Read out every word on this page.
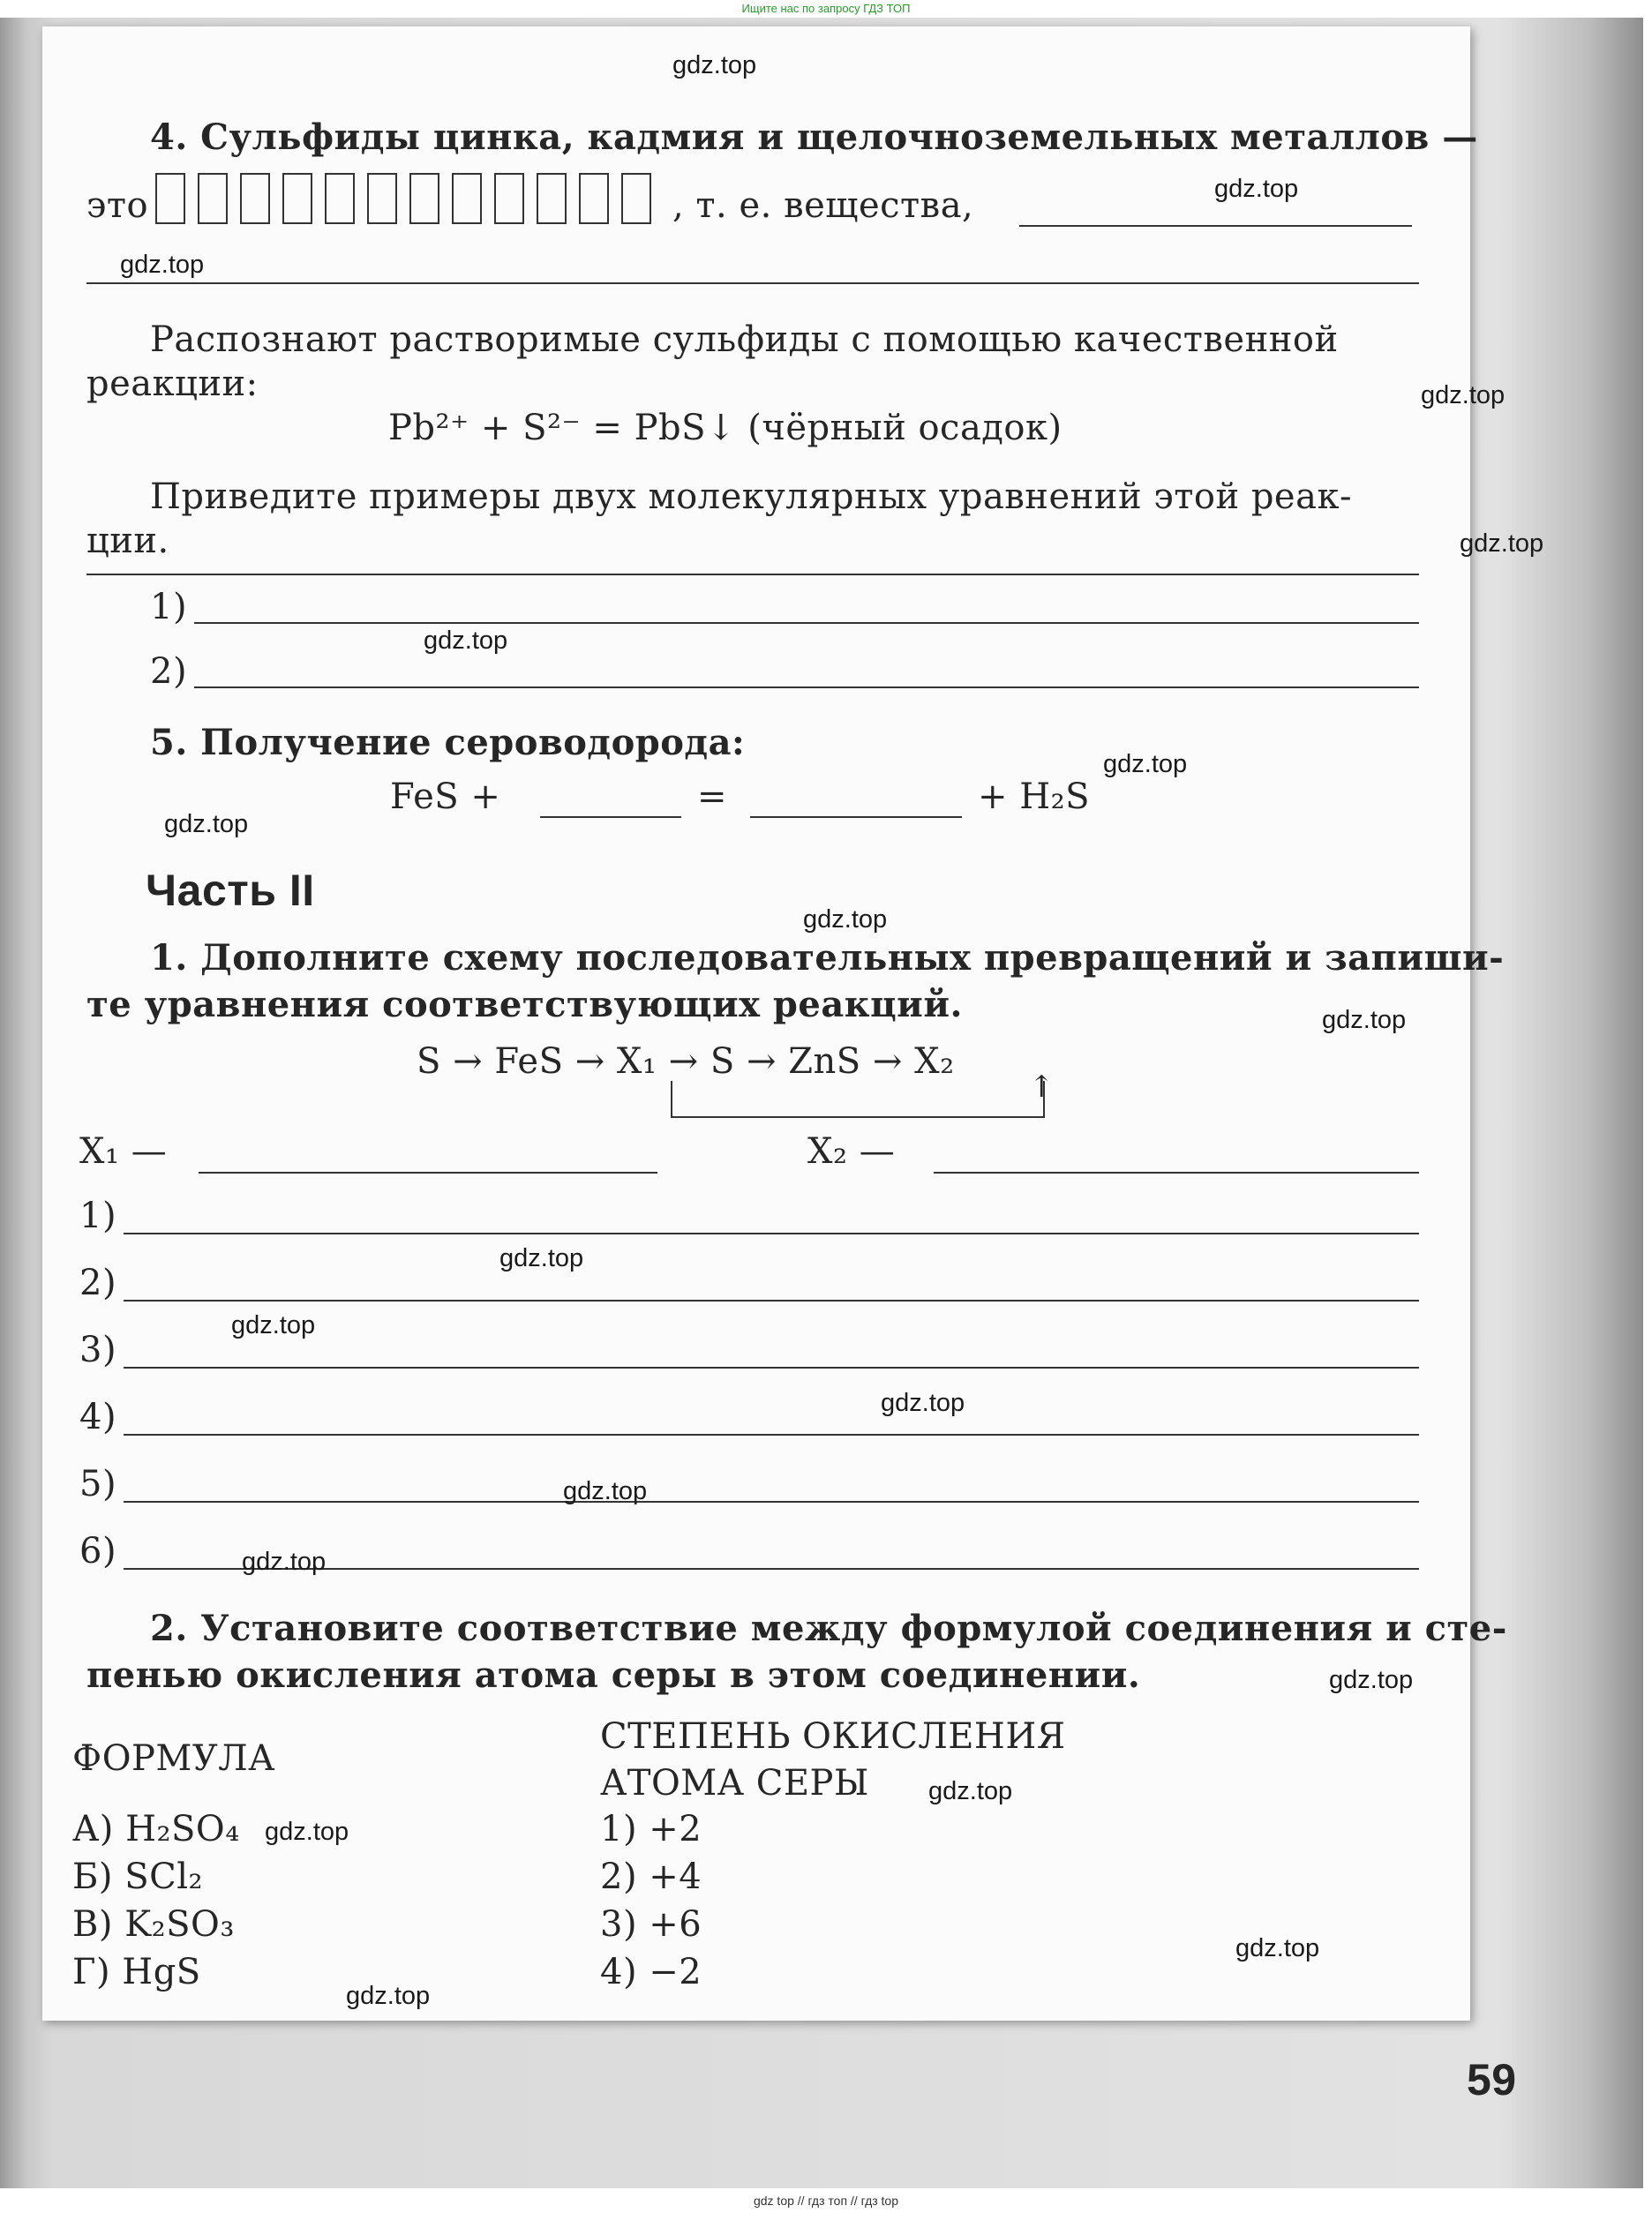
Ищите нас по запросу ГДЗ ТОП
4. Сульфиды цинка, кадмия и щелочноземельных металлов —
это	, т. е. вещества,
Распознают растворимые сульфиды с помощью качественной
реакции:
Pb²⁺ + S²⁻ = PbS↓ (чёрный осадок)
Приведите примеры двух молекулярных уравнений этой реак-
ции.
1)
2)
5. Получение сероводорода:
FeS +	=	+ H₂S
Часть II
1. Дополните схему последовательных превращений и запиши-
те уравнения соответствующих реакций.
S → FeS → X₁ → S → ZnS → X₂
↑
X₁ —	X₂ —
1)
2)
3)
4)
5)
6)
2. Установите соответствие между формулой соединения и сте-
пенью окисления атома серы в этом соединении.
ФОРМУЛА
СТЕПЕНЬ ОКИСЛЕНИЯ
АТОМА СЕРЫ
А) H₂SO₄	1) +2
Б) SCl₂	2) +4
В) K₂SO₃	3) +6
Г) HgS	4) −2
59
gdz.top
gdz.top
gdz.top
gdz.top
gdz.top
gdz.top
gdz.top
gdz.top
gdz.top
gdz.top
gdz.top
gdz.top
gdz.top
gdz.top
gdz.top
gdz.top
gdz.top
gdz.top
gdz.top
gdz.top
gdz top // гдз топ // гдз top
